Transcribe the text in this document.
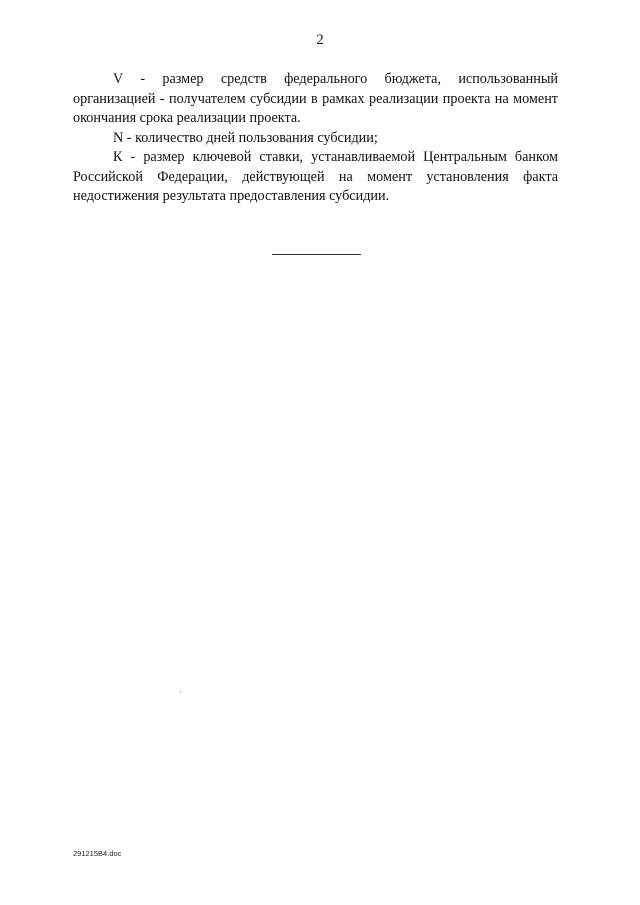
2

V - размер средств федерального бюджета, использованный организацией - получателем субсидии в рамках реализации проекта на момент окончания срока реализации проекта.

N - количество дней пользования субсидии;

К - размер ключевой ставки, устанавливаемой Центральным банком Российской Федерации, действующей на момент установления факта недостижения результата предоставления субсидии.

291215В4.doc
